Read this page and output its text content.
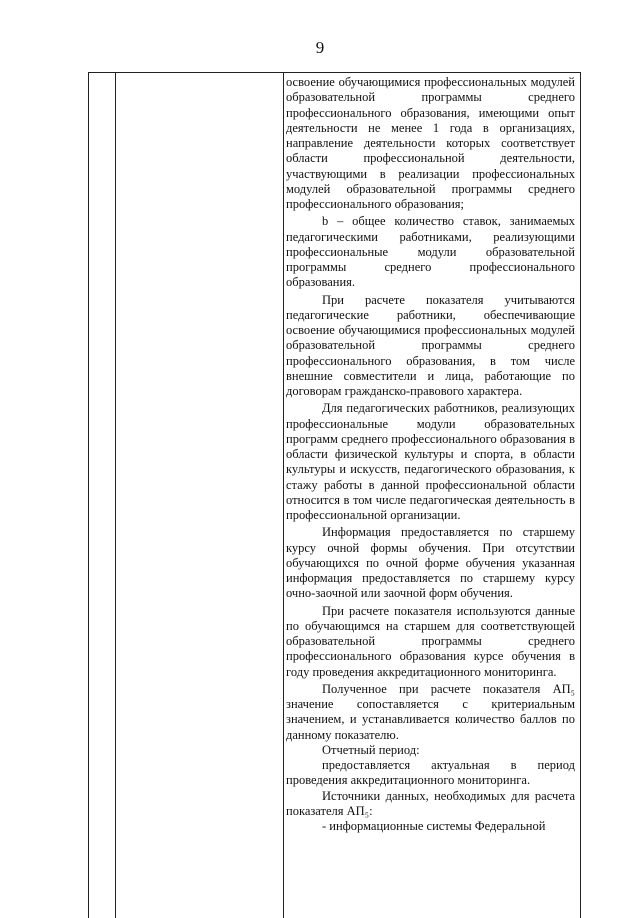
9

освоение обучающимися профессиональных модулей образовательной программы среднего профессионального образования, имеющими опыт деятельности не менее 1 года в организациях, направление деятельности которых соответствует области профессиональной деятельности, участвующими в реализации профессиональных модулей образовательной программы среднего профессионального образования;

b – общее количество ставок, занимаемых педагогическими работниками, реализующими профессиональные модули образовательной программы среднего профессионального образования.

При расчете показателя учитываются педагогические работники, обеспечивающие освоение обучающимися профессиональных модулей образовательной программы среднего профессионального образования, в том числе внешние совместители и лица, работающие по договорам гражданско-правового характера.

Для педагогических работников, реализующих профессиональные модули образовательных программ среднего профессионального образования в области физической культуры и спорта, в области культуры и искусств, педагогического образования, к стажу работы в данной профессиональной области относится в том числе педагогическая деятельность в профессиональной организации.

Информация предоставляется по старшему курсу очной формы обучения. При отсутствии обучающихся по очной форме обучения указанная информация предоставляется по старшему курсу очно-заочной или заочной форм обучения.

При расчете показателя используются данные по обучающимся на старшем для соответствующей образовательной программы среднего профессионального образования курсе обучения в году проведения аккредитационного мониторинга.

Полученное при расчете показателя АП₅ значение сопоставляется с критериальным значением, и устанавливается количество баллов по данному показателю.

Отчетный период:

предоставляется актуальная в период проведения аккредитационного мониторинга.

Источники данных, необходимых для расчета показателя АП₅:

- информационные системы Федеральной
